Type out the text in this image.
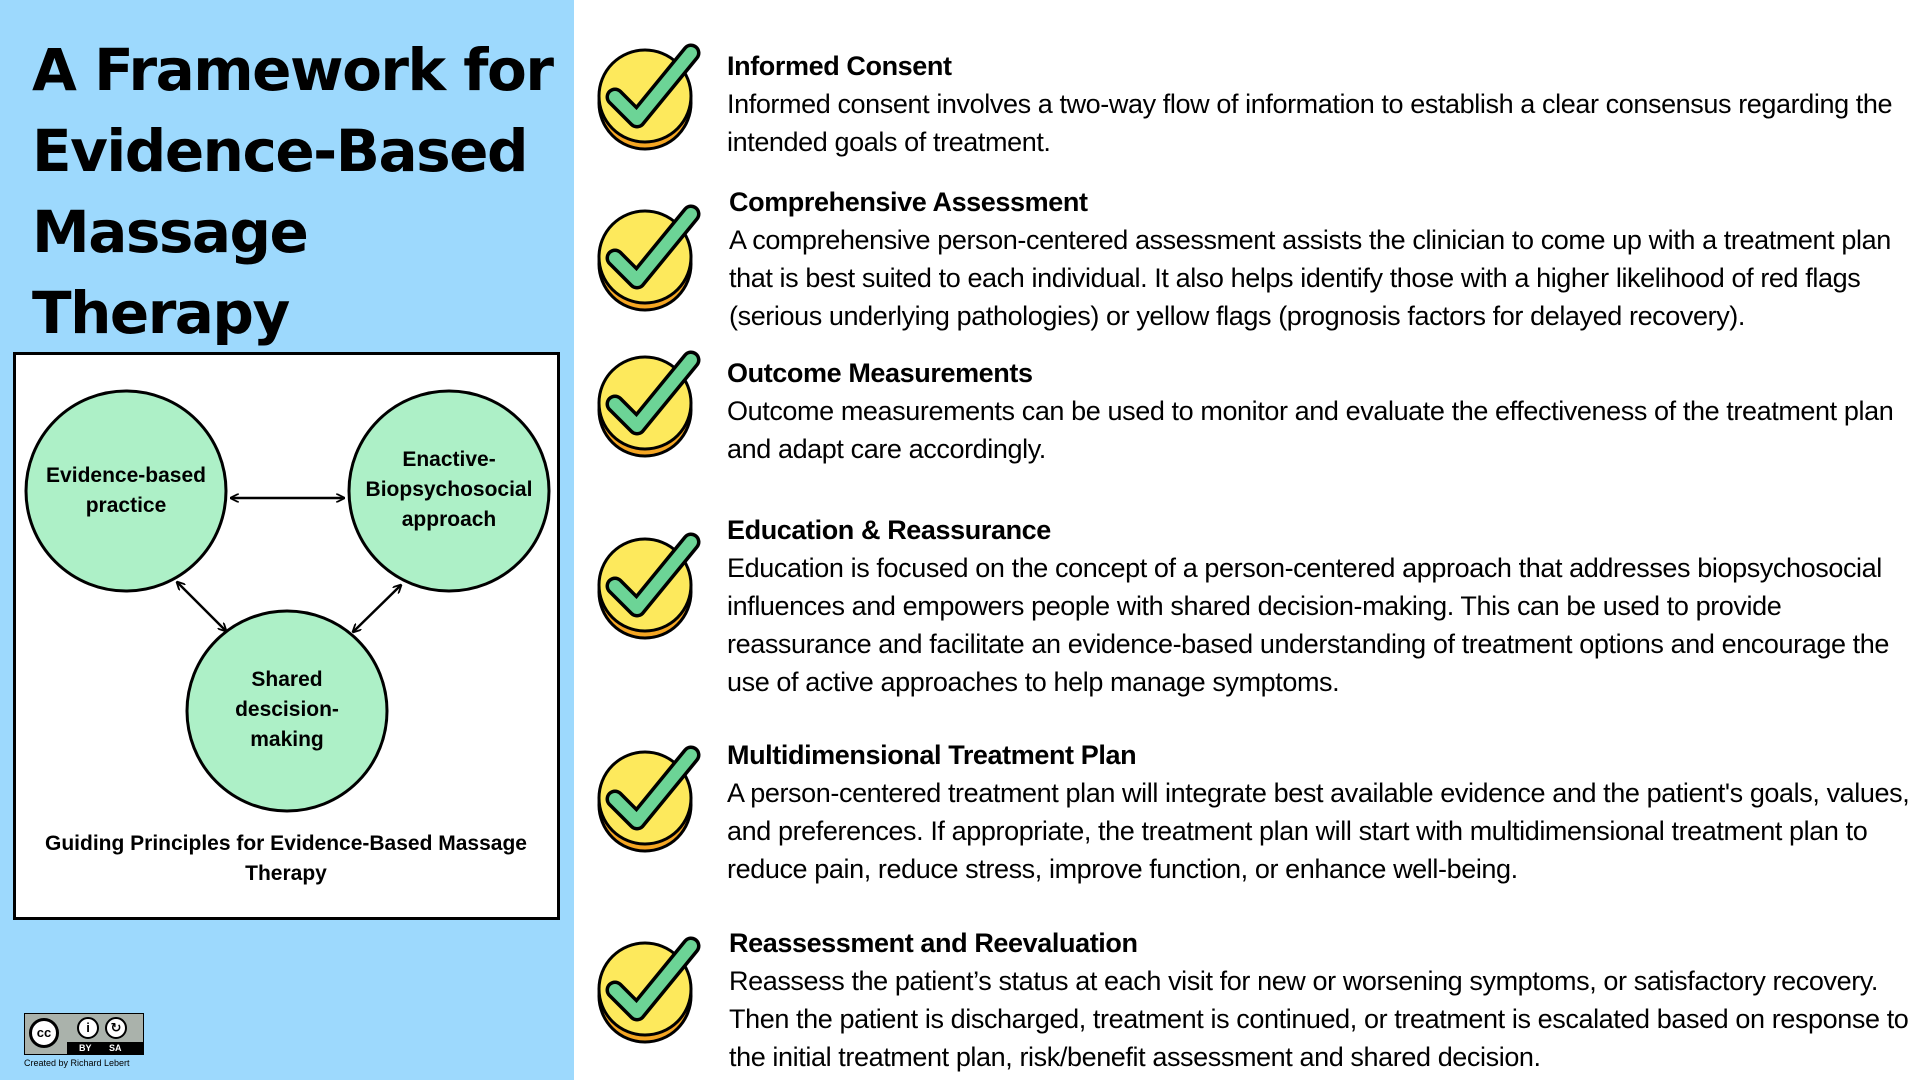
A Framework for Evidence-Based Massage Therapy
Evidence-based practice
Enactive-Biopsychosocial approach
Shared descision-making
Guiding Principles for Evidence-Based Massage Therapy
cc	i	↻
BY SA
Created by Richard Lebert
Informed Consent
Informed consent involves a two-way flow of information to establish a clear consensus regarding the intended goals of treatment.
Comprehensive Assessment
A comprehensive person-centered assessment assists the clinician to come up with a treatment plan that is best suited to each individual. It also helps identify those with a higher likelihood of red flags (serious underlying pathologies) or yellow flags (prognosis factors for delayed recovery).
Outcome Measurements
Outcome measurements can be used to monitor and evaluate the effectiveness of the treatment plan and adapt care accordingly.
Education & Reassurance
Education is focused on the concept of a person-centered approach that addresses biopsychosocial influences and empowers people with shared decision-making. This can be used to provide reassurance and facilitate an evidence-based understanding of treatment options and encourage the use of active approaches to help manage symptoms.
Multidimensional Treatment Plan
A person-centered treatment plan will integrate best available evidence and the patient's goals, values, and preferences. If appropriate, the treatment plan will start with multidimensional treatment plan to reduce pain, reduce stress, improve function, or enhance well-being.
Reassessment and Reevaluation
Reassess the patient’s status at each visit for new or worsening symptoms, or satisfactory recovery. Then the patient is discharged, treatment is continued, or treatment is escalated based on response to the initial treatment plan, risk/benefit assessment and shared decision.
